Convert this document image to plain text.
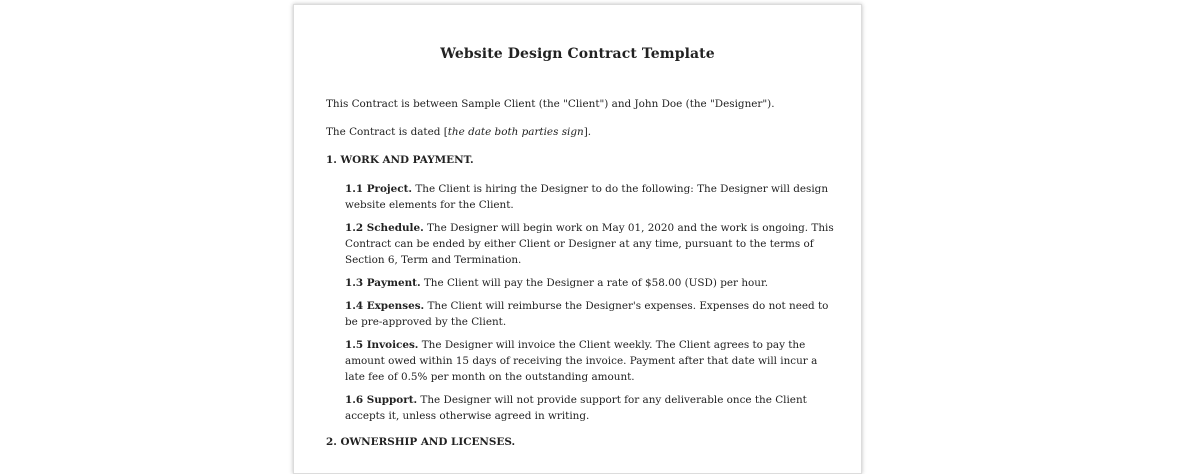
Website Design Contract Template

This Contract is between Sample Client (the "Client") and John Doe (the "Designer").

The Contract is dated [the date both parties sign].

1. WORK AND PAYMENT.

1.1 Project. The Client is hiring the Designer to do the following: The Designer will design website elements for the Client.

1.2 Schedule. The Designer will begin work on May 01, 2020 and the work is ongoing. This Contract can be ended by either Client or Designer at any time, pursuant to the terms of Section 6, Term and Termination.

1.3 Payment. The Client will pay the Designer a rate of $58.00 (USD) per hour.

1.4 Expenses. The Client will reimburse the Designer's expenses. Expenses do not need to be pre-approved by the Client.

1.5 Invoices. The Designer will invoice the Client weekly. The Client agrees to pay the amount owed within 15 days of receiving the invoice. Payment after that date will incur a late fee of 0.5% per month on the outstanding amount.

1.6 Support. The Designer will not provide support for any deliverable once the Client accepts it, unless otherwise agreed in writing.

2. OWNERSHIP AND LICENSES.
